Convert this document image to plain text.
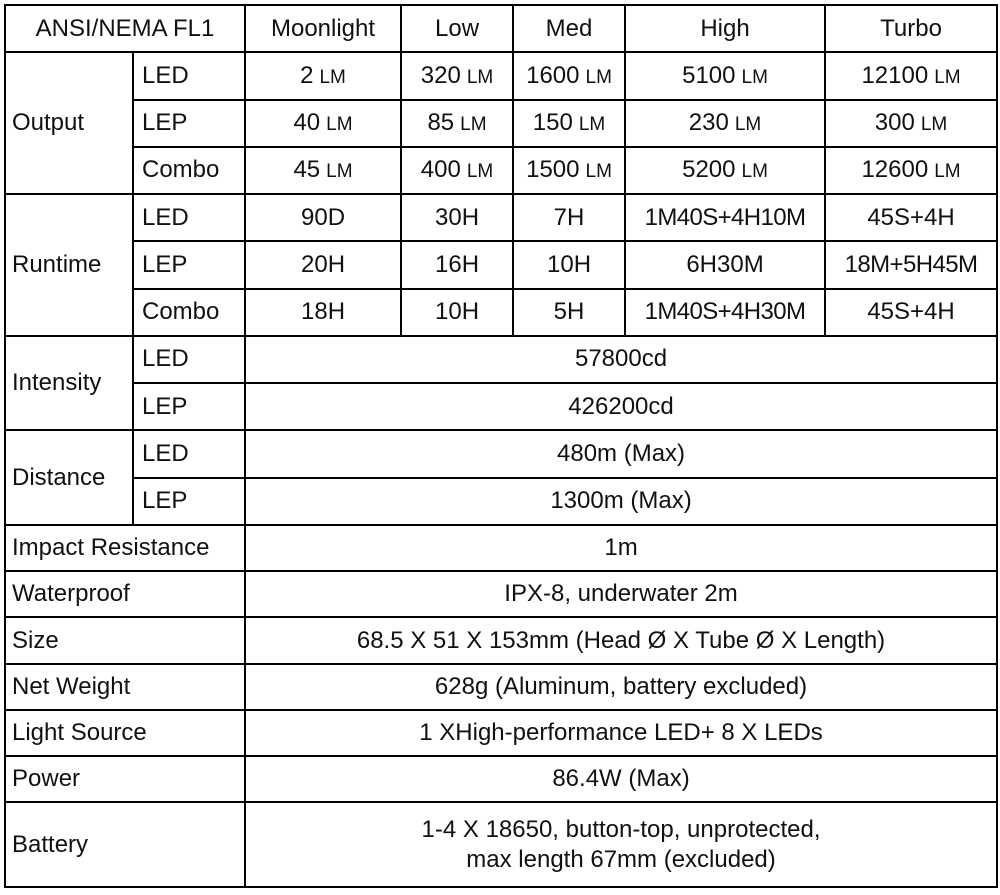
ANSI/NEMA FL1		Moonlight	Low	Med	High	Turbo
Output	LED	2 LM	320 LM	1600 LM	5100 LM	12100 LM
	LEP	40 LM	85 LM	150 LM	230 LM	300 LM
	Combo	45 LM	400 LM	1500 LM	5200 LM	12600 LM
Runtime	LED	90D	30H	7H	1M40S+4H10M	45S+4H
	LEP	20H	16H	10H	6H30M	18M+5H45M
	Combo	18H	10H	5H	1M40S+4H30M	45S+4H
Intensity	LED	57800cd				
	LEP	426200cd				
Distance	LED	480m (Max)				
	LEP	1300m (Max)				
Impact Resistance		1m				
Waterproof		IPX-8, underwater 2m				
Size		68.5 X 51 X 153mm (Head Ø X Tube Ø X Length)				
Net Weight		628g (Aluminum, battery excluded)				
Light Source		1 XHigh-performance LED+ 8 X LEDs				
Power		86.4W (Max)				
Battery		1-4 X 18650, button-top, unprotected,
max length 67mm (excluded)				
